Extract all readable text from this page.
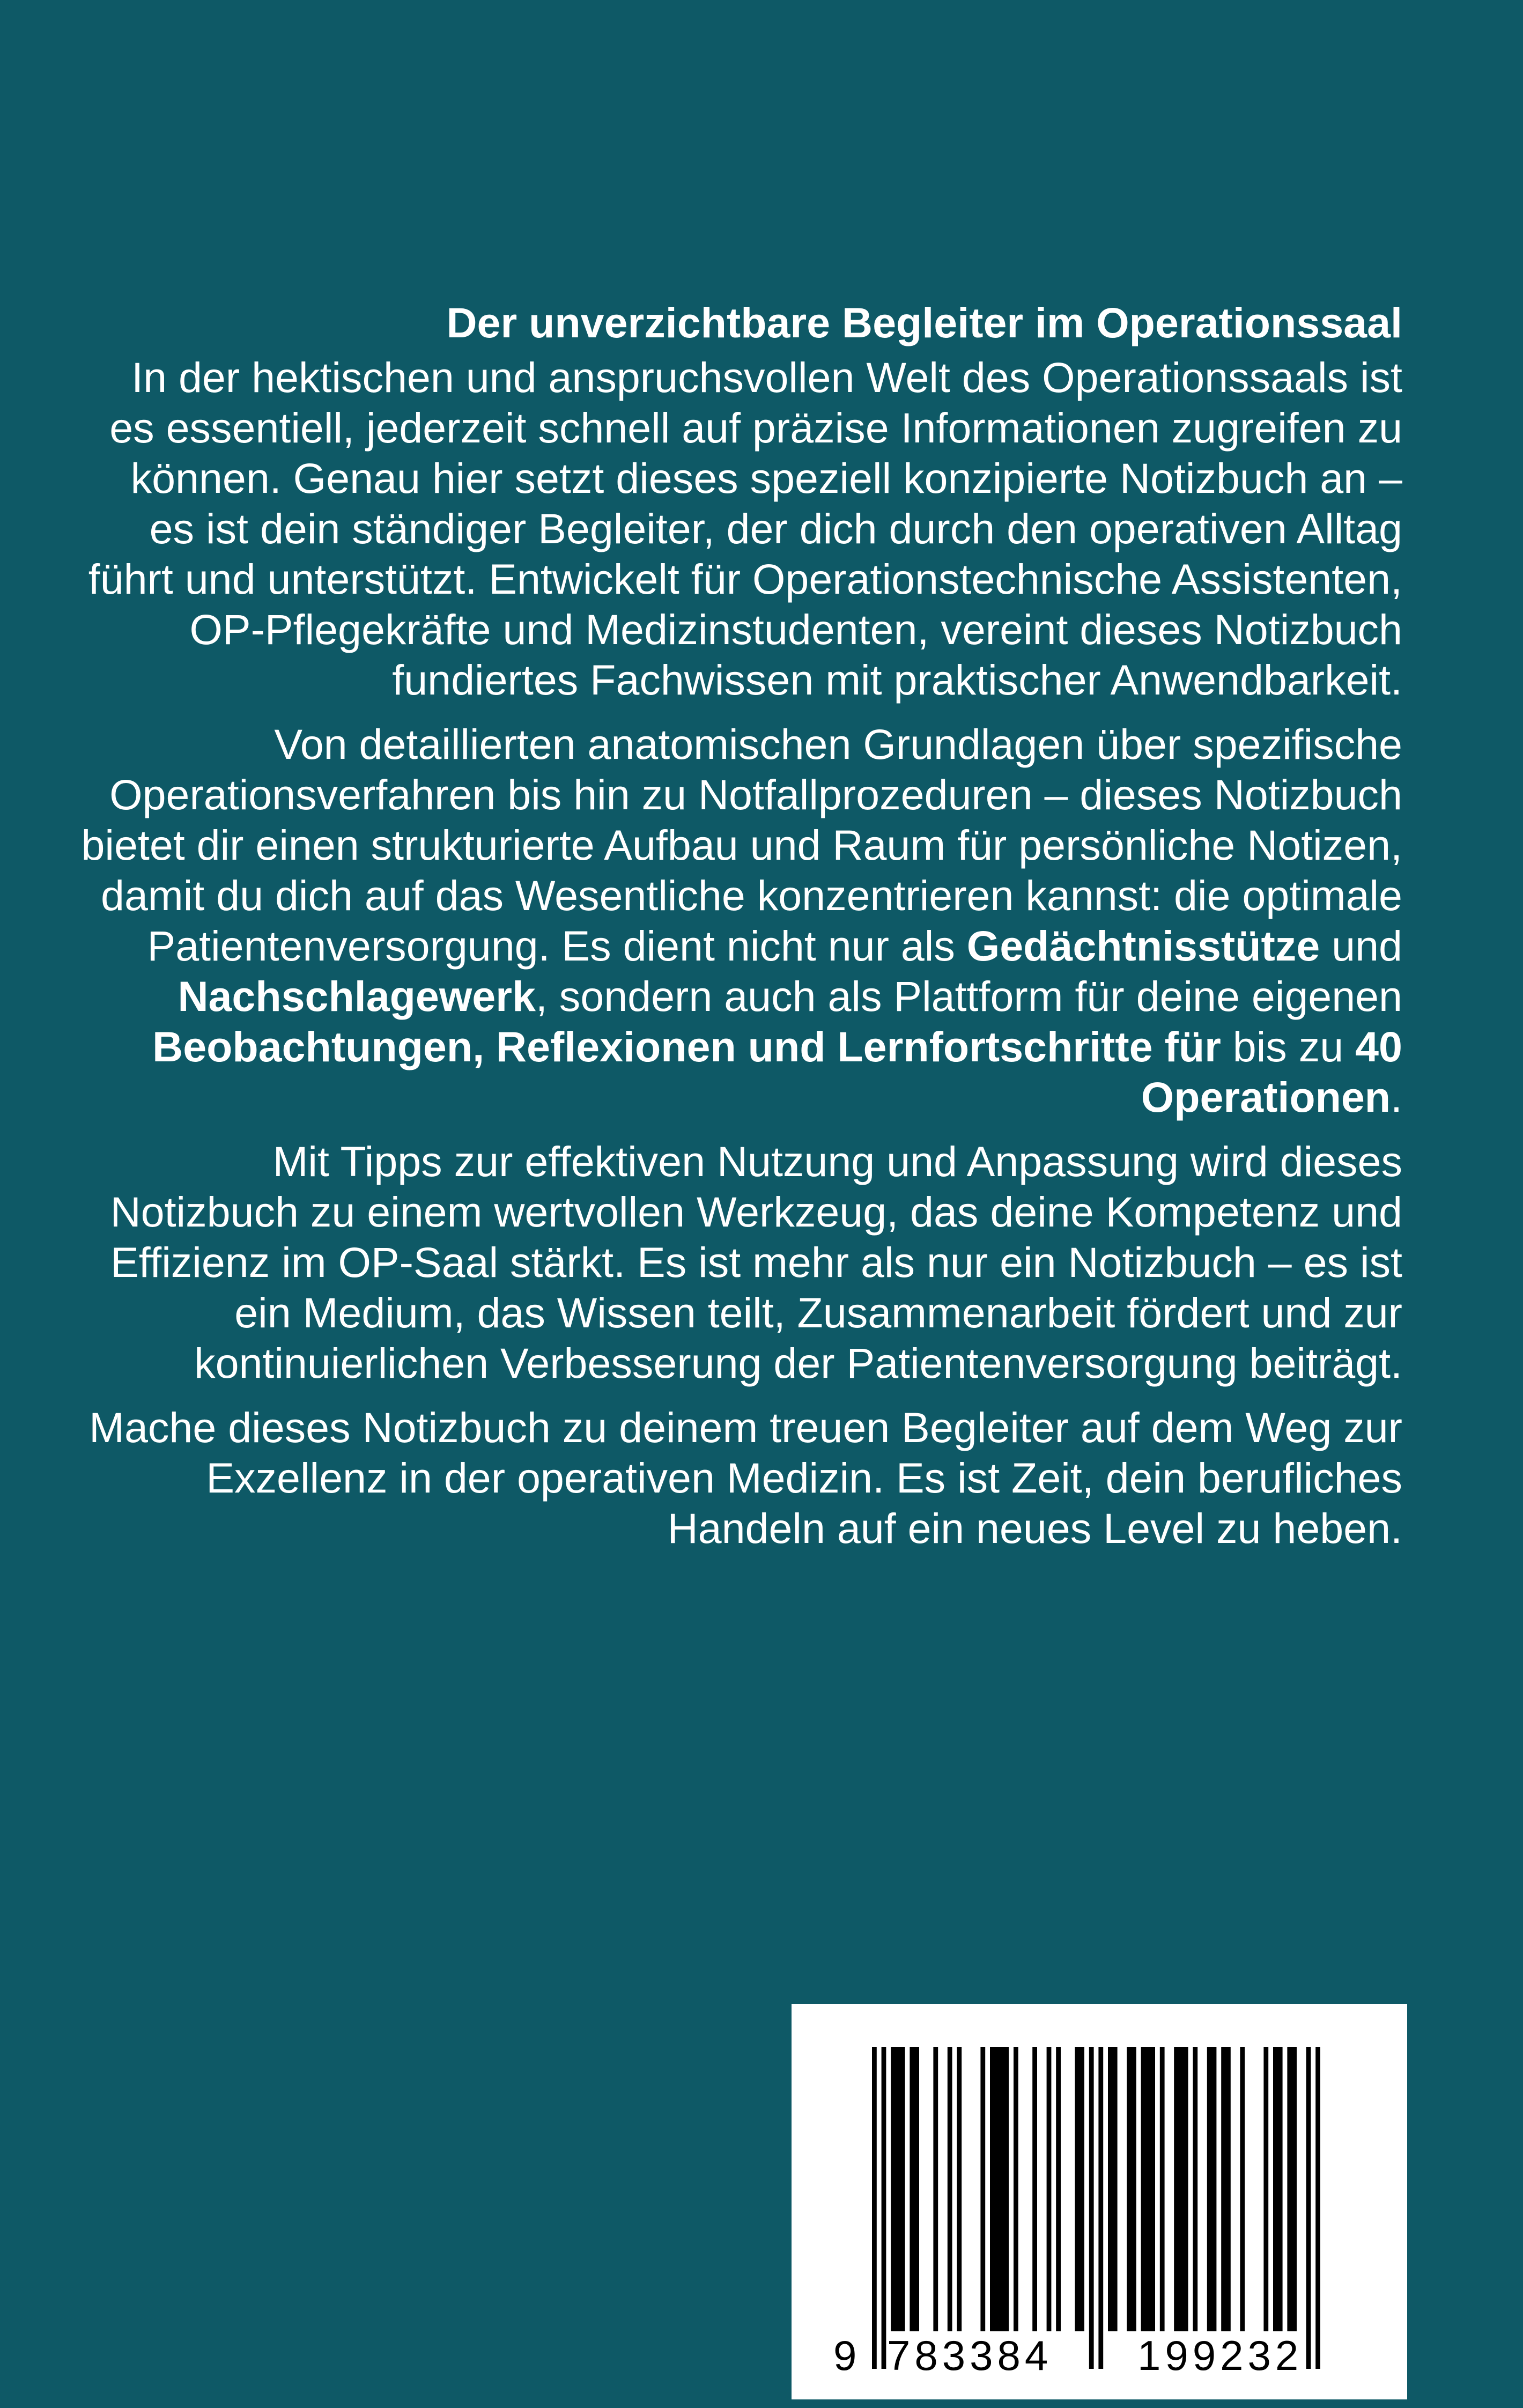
Der unverzichtbare Begleiter im Operationssaal

In der hektischen und anspruchsvollen Welt des Operationssaals ist es essentiell, jederzeit schnell auf präzise Informationen zugreifen zu können. Genau hier setzt dieses speziell konzipierte Notizbuch an – es ist dein ständiger Begleiter, der dich durch den operativen Alltag führt und unterstützt. Entwickelt für Operationstechnische Assistenten, OP-Pflegekräfte und Medizinstudenten, vereint dieses Notizbuch fundiertes Fachwissen mit praktischer Anwendbarkeit.

Von detaillierten anatomischen Grundlagen über spezifische Operationsverfahren bis hin zu Notfallprozeduren – dieses Notizbuch bietet dir einen strukturierte Aufbau und Raum für persönliche Notizen, damit du dich auf das Wesentliche konzentrieren kannst: die optimale Patientenversorgung. Es dient nicht nur als Gedächtnisstütze und Nachschlagewerk, sondern auch als Plattform für deine eigenen Beobachtungen, Reflexionen und Lernfortschritte für bis zu 40 Operationen.

Mit Tipps zur effektiven Nutzung und Anpassung wird dieses Notizbuch zu einem wertvollen Werkzeug, das deine Kompetenz und Effizienz im OP-Saal stärkt. Es ist mehr als nur ein Notizbuch – es ist ein Medium, das Wissen teilt, Zusammenarbeit fördert und zur kontinuierlichen Verbesserung der Patientenversorgung beiträgt.

Mache dieses Notizbuch zu deinem treuen Begleiter auf dem Weg zur Exzellenz in der operativen Medizin. Es ist Zeit, dein berufliches Handeln auf ein neues Level zu heben.

9 783384 199232
